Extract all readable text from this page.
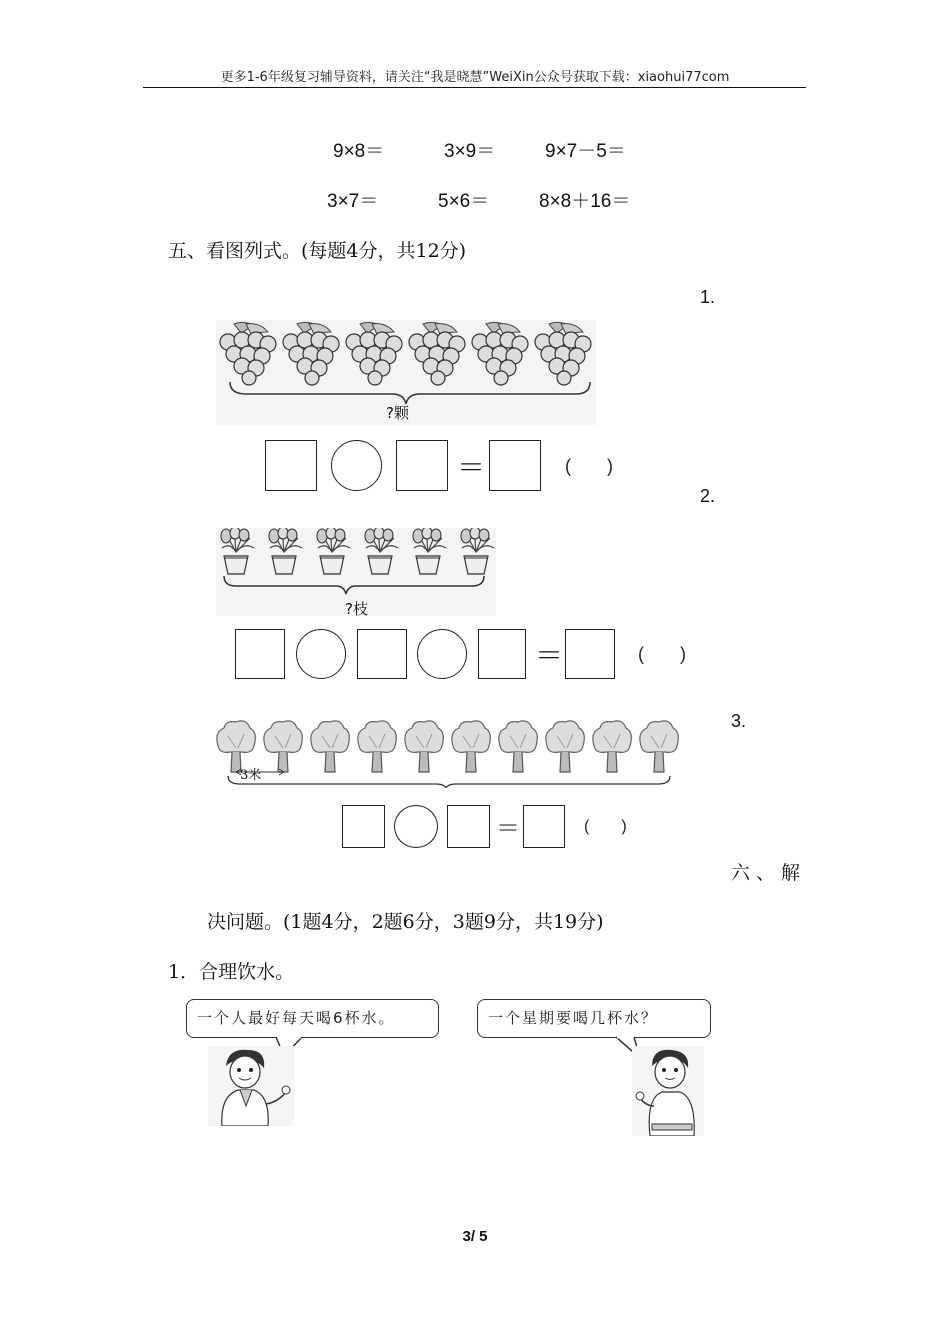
更多1-6年级复习辅导资料，请关注“我是晓慧”WeiXin公众号获取下载：xiaohui77com
9×8＝	3×9＝	9×7－5＝
3×7＝	5×6＝	8×8＋16＝
五、看图列式。(每题4分，共12分)
1.
?颗
＝	(　　)
2.
?枝
＝	(　　)
3.
3米
＝	(　　)
六、解
决问题。(1题4分，2题6分，3题9分，共19分)
1．合理饮水。
一个人最好每天喝6杯水。	一个星期要喝几杯水？
3/ 5
